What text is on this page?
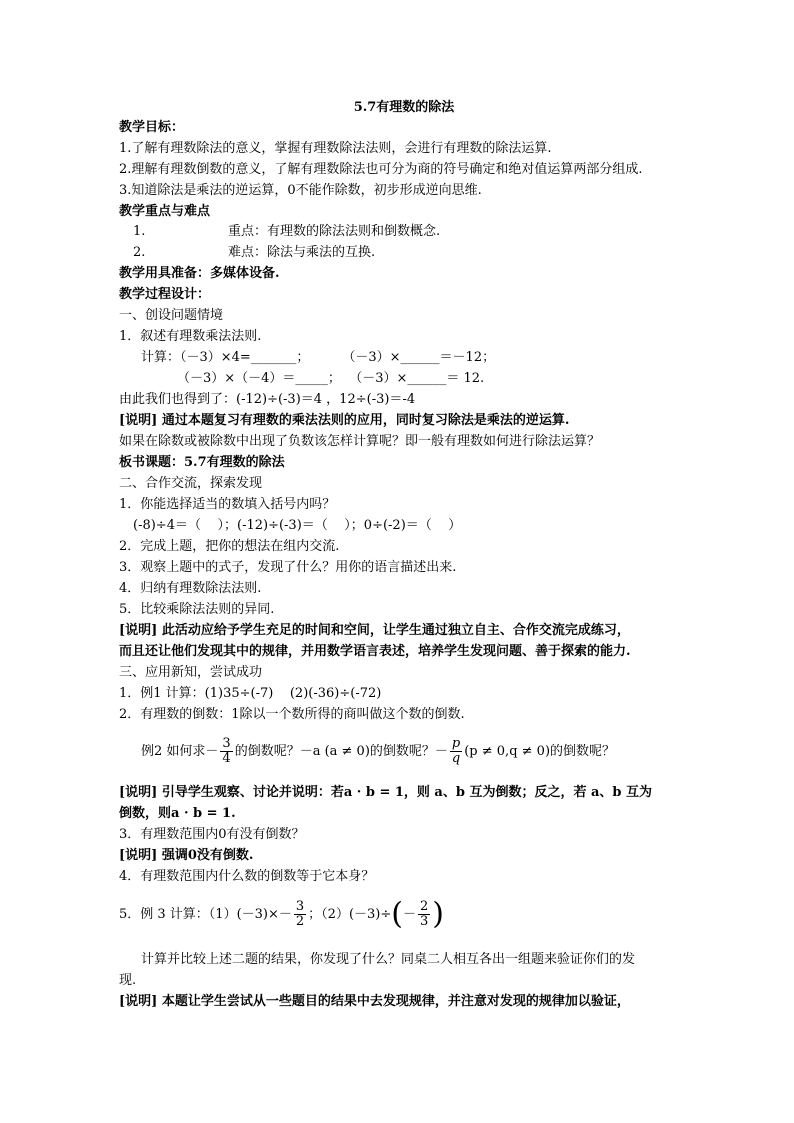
5.7有理数的除法
教学目标：
1.了解有理数除法的意义，掌握有理数除法法则，会进行有理数的除法运算.
2.理解有理数倒数的意义，了解有理数除法也可分为商的符号确定和绝对值运算两部分组成.
3.知道除法是乘法的逆运算，0不能作除数，初步形成逆向思维.
教学重点与难点
1.                    重点：有理数的除法法则和倒数概念.
2.                    难点：除法与乘法的互换.
教学用具准备：多媒体设备.
教学过程设计：
一、创设问题情境
1．叙述有理数乘法法则.
计算：（－3）×4=_______；        （－3）×______＝－12；
（－3）×（－4）＝_____；  （－3）×______＝ 12.
由此我们也得到了：(-12)÷(-3)＝4 ，12÷(-3)＝-4
[说明] 通过本题复习有理数的乘法法则的应用，同时复习除法是乘法的逆运算.
如果在除数或被除数中出现了负数该怎样计算呢？即一般有理数如何进行除法运算？
板书课题：5.7有理数的除法
二、合作交流，探索发现
1．你能选择适当的数填入括号内吗？
(-8)÷4＝（    ）；(-12)÷(-3)＝（    ）；0÷(-2)＝（    ）
2．完成上题，把你的想法在组内交流.
3．观察上题中的式子，发现了什么？用你的语言描述出来.
4．归纳有理数除法法则.
5．比较乘除法法则的异同.
[说明] 此活动应给予学生充足的时间和空间，让学生通过独立自主、合作交流完成练习，
而且还让他们发现其中的规律，并用数学语言表述，培养学生发现问题、善于探索的能力.
三、应用新知，尝试成功
1．例1 计算：(1)35÷(-7)    (2)(-36)÷(-72)
2．有理数的倒数：1除以一个数所得的商叫做这个数的倒数.
例2 如何求－ $\frac{3}{4}$ 的倒数呢？－a (a ≠ 0)的倒数呢？－ $\frac{p}{q} (p \ne 0,q \ne 0)$的倒数呢？
[说明] 引导学生观察、讨论并说明：若a · b = 1，则 a、b 互为倒数；反之，若 a、b 互为
倒数，则a · b = 1.
3．有理数范围内0有没有倒数？
[说明] 强调0没有倒数.
4．有理数范围内什么数的倒数等于它本身？
5．例 3 计算：$(1)(-3)\times- \frac{3}{2}$ ；$(2)(-3)\div(- \frac{2}{3}$ )
计算并比较上述二题的结果，你发现了什么？同桌二人相互各出一组题来验证你们的发
现.
[说明] 本题让学生尝试从一些题目的结果中去发现规律，并注意对发现的规律加以验证，
